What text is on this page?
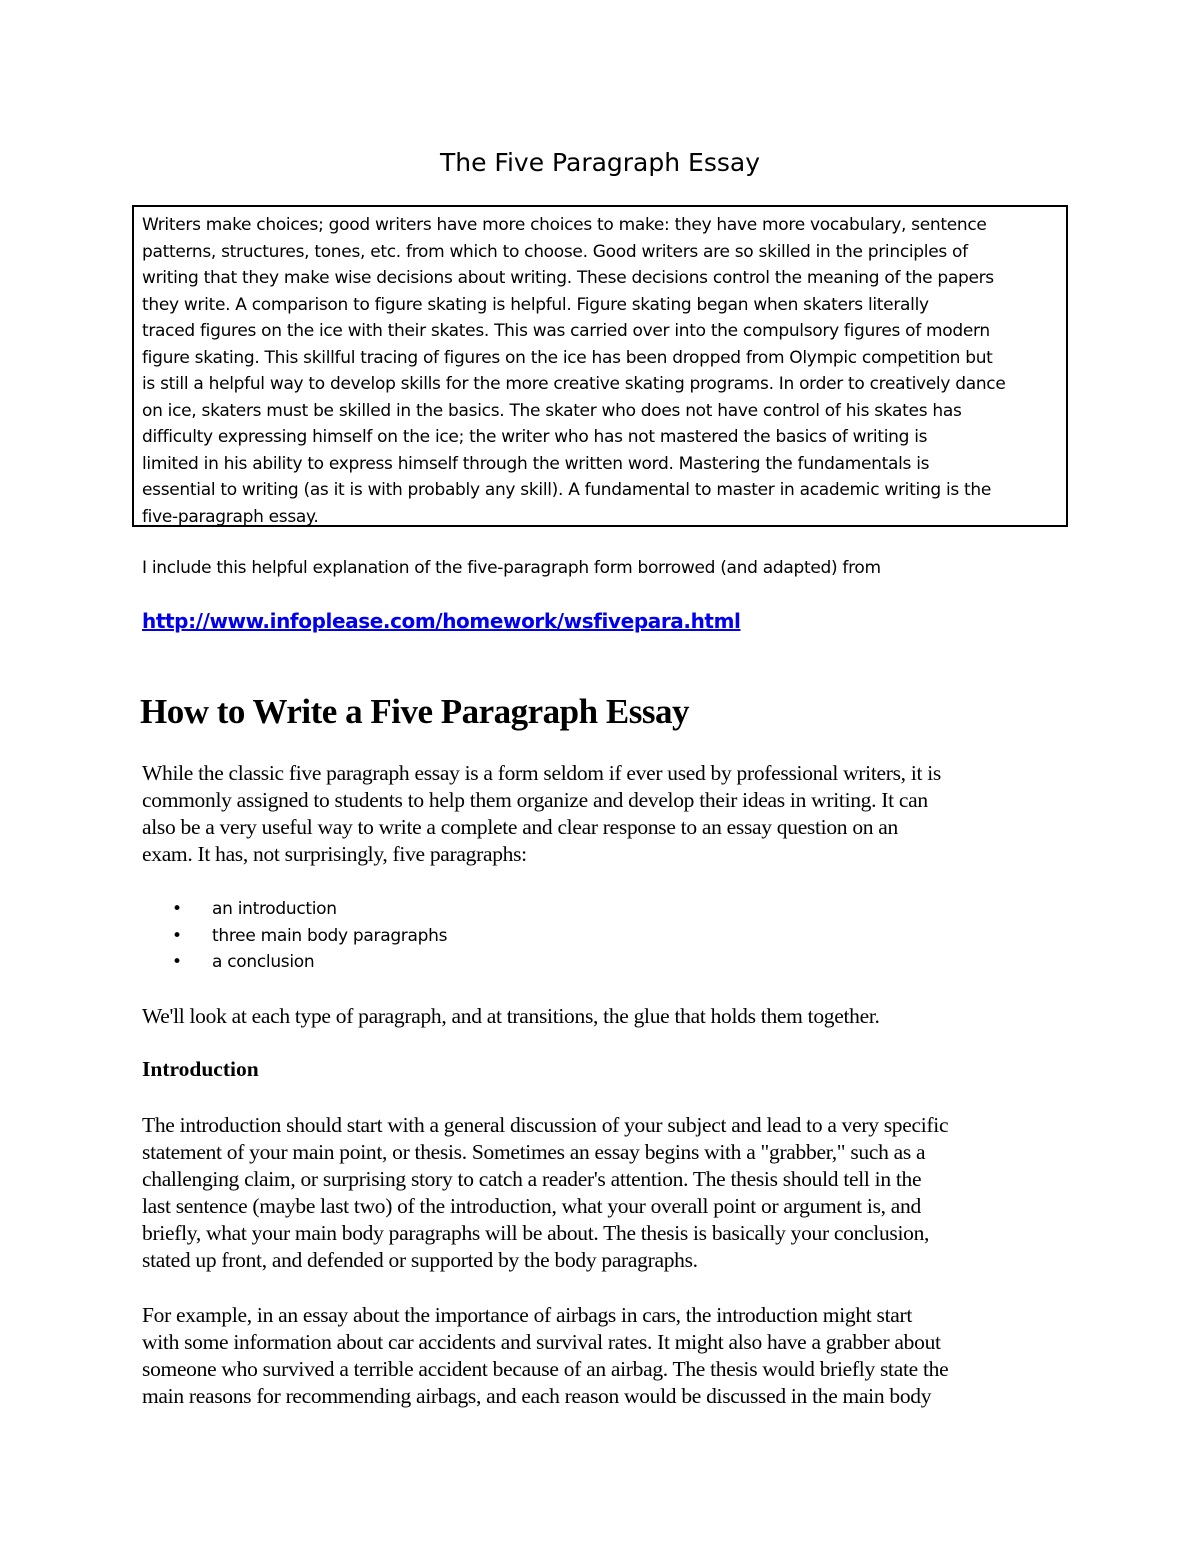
The Five Paragraph Essay

Writers make choices; good writers have more choices to make: they have more vocabulary, sentence

patterns, structures, tones, etc. from which to choose. Good writers are so skilled in the principles of

writing that they make wise decisions about writing. These decisions control the meaning of the papers

they write. A comparison to figure skating is helpful. Figure skating began when skaters literally

traced figures on the ice with their skates. This was carried over into the compulsory figures of modern

figure skating. This skillful tracing of figures on the ice has been dropped from Olympic competition but

is still a helpful way to develop skills for the more creative skating programs. In order to creatively dance

on ice, skaters must be skilled in the basics. The skater who does not have control of his skates has

difficulty expressing himself on the ice; the writer who has not mastered the basics of writing is

limited in his ability to express himself through the written word. Mastering the fundamentals is

essential to writing (as it is with probably any skill). A fundamental to master in academic writing is the

five-paragraph essay.

I include this helpful explanation of the five-paragraph form borrowed (and adapted) from

http://www.infoplease.com/homework/wsfivepara.html

How to Write a Five Paragraph Essay

While the classic five paragraph essay is a form seldom if ever used by professional writers, it is
commonly assigned to students to help them organize and develop their ideas in writing. It can
also be a very useful way to write a complete and clear response to an essay question on an
exam. It has, not surprisingly, five paragraphs:

• an introduction
• three main body paragraphs
• a conclusion

We'll look at each type of paragraph, and at transitions, the glue that holds them together.

Introduction

The introduction should start with a general discussion of your subject and lead to a very specific
statement of your main point, or thesis. Sometimes an essay begins with a "grabber," such as a
challenging claim, or surprising story to catch a reader's attention. The thesis should tell in the
last sentence (maybe last two) of the introduction, what your overall point or argument is, and
briefly, what your main body paragraphs will be about. The thesis is basically your conclusion,
stated up front, and defended or supported by the body paragraphs.

For example, in an essay about the importance of airbags in cars, the introduction might start
with some information about car accidents and survival rates. It might also have a grabber about
someone who survived a terrible accident because of an airbag. The thesis would briefly state the
main reasons for recommending airbags, and each reason would be discussed in the main body
